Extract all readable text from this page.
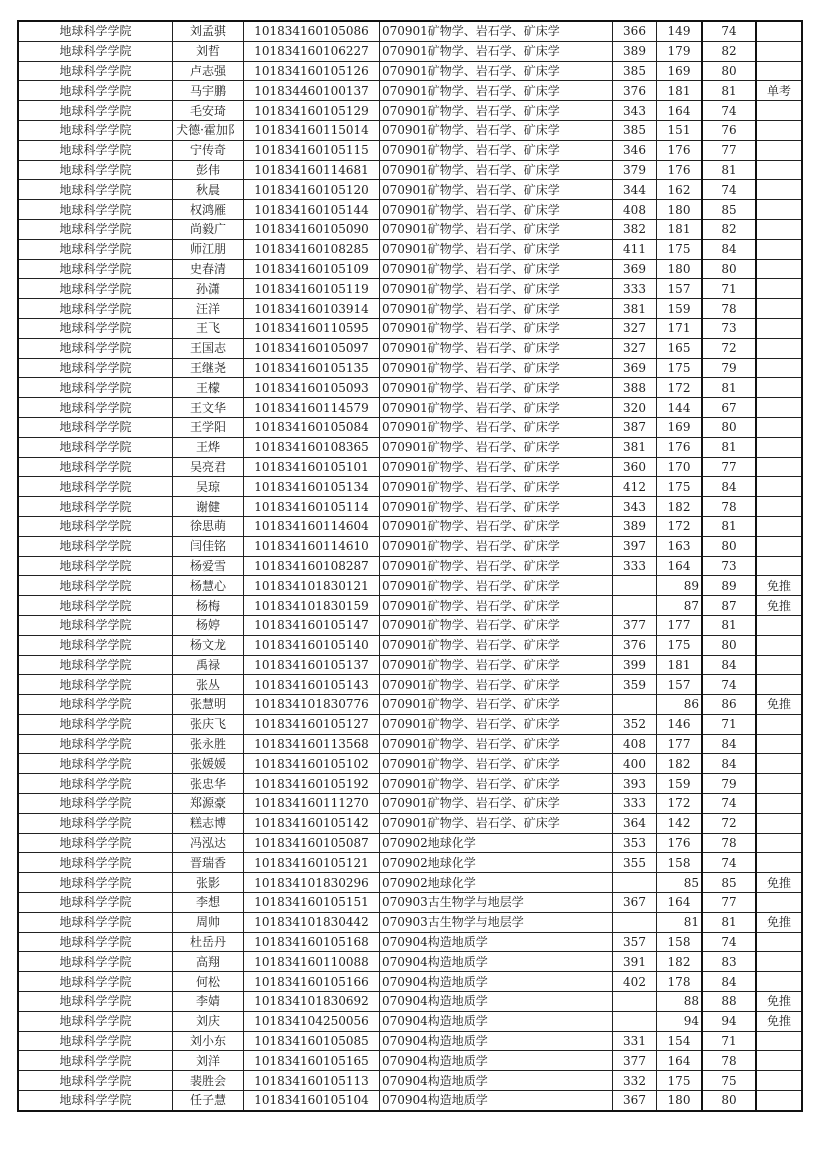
地球科学学院	刘孟骐	101834160105086	070901矿物学、岩石学、矿床学	366	149	74	
地球科学学院	刘哲	101834160106227	070901矿物学、岩石学、矿床学	389	179	82	
地球科学学院	卢志强	101834160105126	070901矿物学、岩石学、矿床学	385	169	80	
地球科学学院	马宇鹏	101834460100137	070901矿物学、岩石学、矿床学	376	181	81	单考
地球科学学院	毛安琦	101834160105129	070901矿物学、岩石学、矿床学	343	164	74	
地球科学学院	犬德·霍加阝	101834160115014	070901矿物学、岩石学、矿床学	385	151	76	
地球科学学院	宁传奇	101834160105115	070901矿物学、岩石学、矿床学	346	176	77	
地球科学学院	彭伟	101834160114681	070901矿物学、岩石学、矿床学	379	176	81	
地球科学学院	秋晨	101834160105120	070901矿物学、岩石学、矿床学	344	162	74	
地球科学学院	权鸿雁	101834160105144	070901矿物学、岩石学、矿床学	408	180	85	
地球科学学院	尚毅广	101834160105090	070901矿物学、岩石学、矿床学	382	181	82	
地球科学学院	师江朋	101834160108285	070901矿物学、岩石学、矿床学	411	175	84	
地球科学学院	史春清	101834160105109	070901矿物学、岩石学、矿床学	369	180	80	
地球科学学院	孙潇	101834160105119	070901矿物学、岩石学、矿床学	333	157	71	
地球科学学院	汪洋	101834160103914	070901矿物学、岩石学、矿床学	381	159	78	
地球科学学院	王飞	101834160110595	070901矿物学、岩石学、矿床学	327	171	73	
地球科学学院	王国志	101834160105097	070901矿物学、岩石学、矿床学	327	165	72	
地球科学学院	王继尧	101834160105135	070901矿物学、岩石学、矿床学	369	175	79	
地球科学学院	王檬	101834160105093	070901矿物学、岩石学、矿床学	388	172	81	
地球科学学院	王文华	101834160114579	070901矿物学、岩石学、矿床学	320	144	67	
地球科学学院	王学阳	101834160105084	070901矿物学、岩石学、矿床学	387	169	80	
地球科学学院	王烨	101834160108365	070901矿物学、岩石学、矿床学	381	176	81	
地球科学学院	吴亮君	101834160105101	070901矿物学、岩石学、矿床学	360	170	77	
地球科学学院	吴琼	101834160105134	070901矿物学、岩石学、矿床学	412	175	84	
地球科学学院	谢健	101834160105114	070901矿物学、岩石学、矿床学	343	182	78	
地球科学学院	徐思萌	101834160114604	070901矿物学、岩石学、矿床学	389	172	81	
地球科学学院	闫佳铭	101834160114610	070901矿物学、岩石学、矿床学	397	163	80	
地球科学学院	杨爱雪	101834160108287	070901矿物学、岩石学、矿床学	333	164	73	
地球科学学院	杨慧心	101834101830121	070901矿物学、岩石学、矿床学		89	89	免推
地球科学学院	杨梅	101834101830159	070901矿物学、岩石学、矿床学		87	87	免推
地球科学学院	杨婷	101834160105147	070901矿物学、岩石学、矿床学	377	177	81	
地球科学学院	杨文龙	101834160105140	070901矿物学、岩石学、矿床学	376	175	80	
地球科学学院	禹禄	101834160105137	070901矿物学、岩石学、矿床学	399	181	84	
地球科学学院	张丛	101834160105143	070901矿物学、岩石学、矿床学	359	157	74	
地球科学学院	张慧明	101834101830776	070901矿物学、岩石学、矿床学		86	86	免推
地球科学学院	张庆飞	101834160105127	070901矿物学、岩石学、矿床学	352	146	71	
地球科学学院	张永胜	101834160113568	070901矿物学、岩石学、矿床学	408	177	84	
地球科学学院	张媛媛	101834160105102	070901矿物学、岩石学、矿床学	400	182	84	
地球科学学院	张忠华	101834160105192	070901矿物学、岩石学、矿床学	393	159	79	
地球科学学院	郑源豪	101834160111270	070901矿物学、岩石学、矿床学	333	172	74	
地球科学学院	糕志博	101834160105142	070901矿物学、岩石学、矿床学	364	142	72	
地球科学学院	冯泓达	101834160105087	070902地球化学	353	176	78	
地球科学学院	晋瑞香	101834160105121	070902地球化学	355	158	74	
地球科学学院	张影	101834101830296	070902地球化学		85	85	免推
地球科学学院	李想	101834160105151	070903古生物学与地层学	367	164	77	
地球科学学院	周帅	101834101830442	070903古生物学与地层学		81	81	免推
地球科学学院	杜岳丹	101834160105168	070904构造地质学	357	158	74	
地球科学学院	高翔	101834160110088	070904构造地质学	391	182	83	
地球科学学院	何松	101834160105166	070904构造地质学	402	178	84	
地球科学学院	李婧	101834101830692	070904构造地质学		88	88	免推
地球科学学院	刘庆	101834104250056	070904构造地质学		94	94	免推
地球科学学院	刘小东	101834160105085	070904构造地质学	331	154	71	
地球科学学院	刘洋	101834160105165	070904构造地质学	377	164	78	
地球科学学院	裴胜会	101834160105113	070904构造地质学	332	175	75	
地球科学学院	任子慧	101834160105104	070904构造地质学	367	180	80	
